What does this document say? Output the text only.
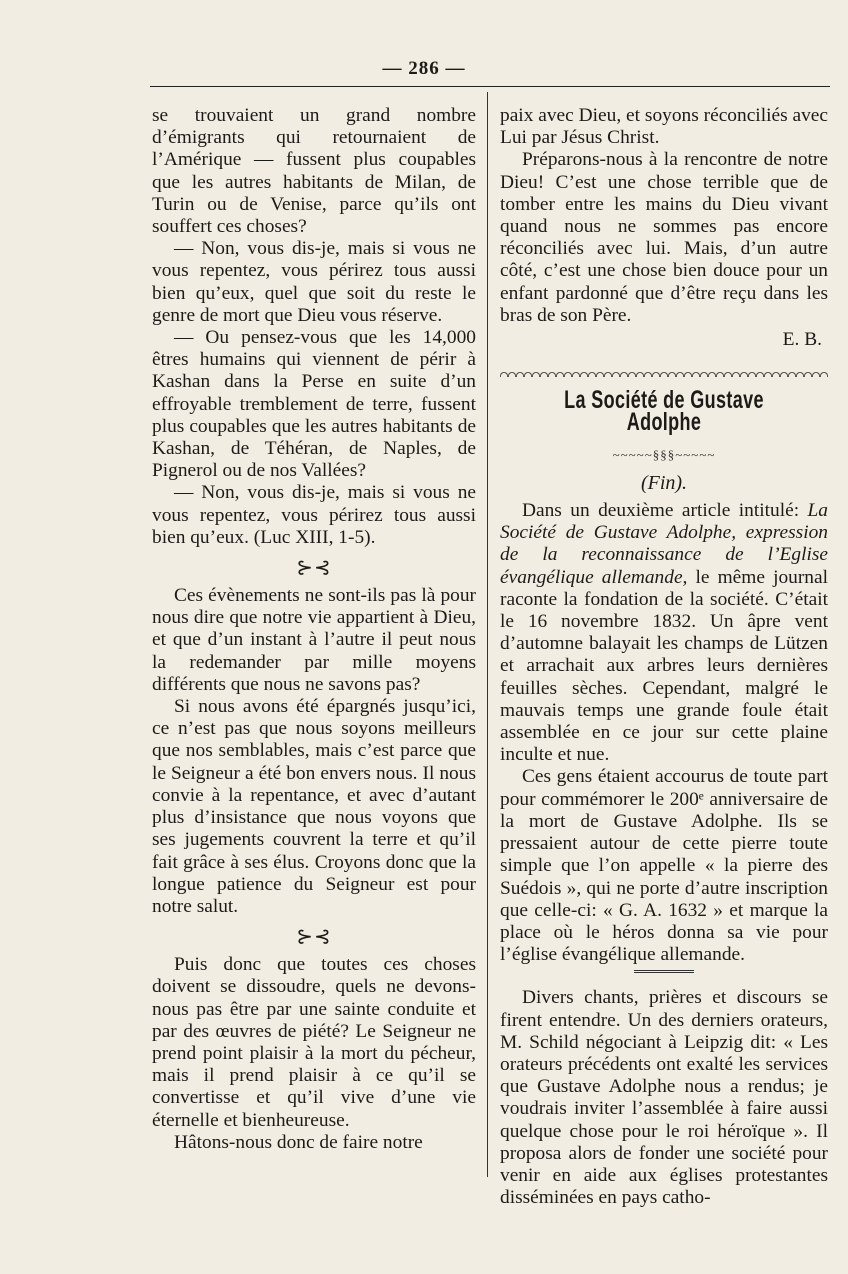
— 286 —

se trouvaient un grand nombre d’émigrants qui retournaient de l’Amérique — fussent plus coupables que les autres habitants de Milan, de Turin ou de Venise, parce qu’ils ont souffert ces choses?

— Non, vous dis-je, mais si vous ne vous repentez, vous périrez tous aussi bien qu’eux, quel que soit du reste le genre de mort que Dieu vous réserve.

— Ou pensez-vous que les 14,000 êtres humains qui viennent de périr à Kashan dans la Perse en suite d’un effroyable tremblement de terre, fussent plus coupables que les autres habitants de Kashan, de Téhéran, de Naples, de Pignerol ou de nos Vallées?

— Non, vous dis-je, mais si vous ne vous repentez, vous périrez tous aussi bien qu’eux. (Luc XIII, 1-5).

⊱⊰

Ces évènements ne sont-ils pas là pour nous dire que notre vie appartient à Dieu, et que d’un instant à l’autre il peut nous la redemander par mille moyens différents que nous ne savons pas?

Si nous avons été épargnés jusqu’ici, ce n’est pas que nous soyons meilleurs que nos semblables, mais c’est parce que le Seigneur a été bon envers nous. Il nous convie à la repentance, et avec d’autant plus d’insistance que nous voyons que ses jugements couvrent la terre et qu’il fait grâce à ses élus. Croyons donc que la longue patience du Seigneur est pour notre salut.

⊱⊰

Puis donc que toutes ces choses doivent se dissoudre, quels ne devons-nous pas être par une sainte conduite et par des œuvres de piété? Le Seigneur ne prend point plaisir à la mort du pécheur, mais il prend plaisir à ce qu’il se convertisse et qu’il vive d’une vie éternelle et bienheureuse.

Hâtons-nous donc de faire notre

paix avec Dieu, et soyons réconciliés avec Lui par Jésus Christ.

Préparons-nous à la rencontre de notre Dieu! C’est une chose terrible que de tomber entre les mains du Dieu vivant quand nous ne sommes pas encore réconciliés avec lui. Mais, d’un autre côté, c’est une chose bien douce pour un enfant pardonné que d’être reçu dans les bras de son Père.

E. B.
La Société de Gustave Adolphe
~~~~~§§§~~~~~
(Fin).

Dans un deuxième article intitulé: La Société de Gustave Adolphe, expression de la reconnaissance de l’Eglise évangélique allemande, le même journal raconte la fondation de la société. C’était le 16 novembre 1832. Un âpre vent d’automne balayait les champs de Lützen et arrachait aux arbres leurs dernières feuilles sèches. Cependant, malgré le mauvais temps une grande foule était assemblée en ce jour sur cette plaine inculte et nue.

Ces gens étaient accourus de toute part pour commémorer le 200ᵉ anniversaire de la mort de Gustave Adolphe. Ils se pressaient autour de cette pierre toute simple que l’on appelle « la pierre des Suédois », qui ne porte d’autre inscription que celle-ci: « G. A. 1632 » et marque la place où le héros donna sa vie pour l’église évangélique allemande.

Divers chants, prières et discours se firent entendre. Un des derniers orateurs, M. Schild négociant à Leipzig dit: « Les orateurs précédents ont exalté les services que Gustave Adolphe nous a rendus; je voudrais inviter l’assemblée à faire aussi quelque chose pour le roi héroïque ». Il proposa alors de fonder une société pour venir en aide aux églises protestantes disséminées en pays catho-
